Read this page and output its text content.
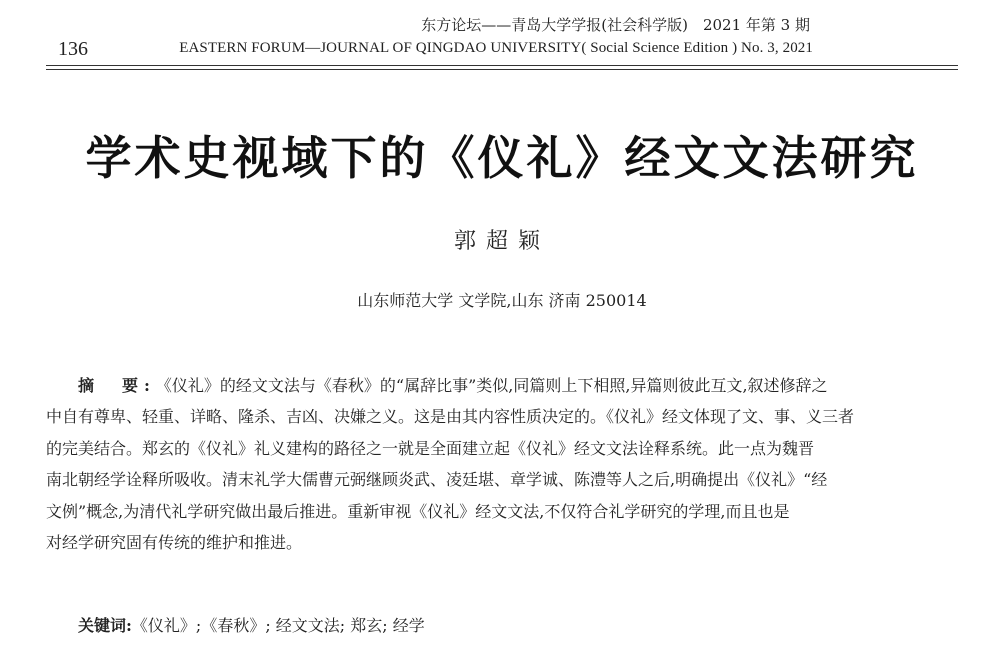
136
东方论坛——青岛大学学报(社会科学版)　2021 年第 3 期
EASTERN FORUM—JOURNAL OF QINGDAO UNIVERSITY( Social Science Edition ) No. 3, 2021
学术史视域下的《仪礼》经文文法研究
郭超颖
山东师范大学 文学院,山东 济南 250014
摘　要:《仪礼》的经文文法与《春秋》的“属辞比事”类似,同篇则上下相照,异篇则彼此互文,叙述修辞之
中自有尊卑、轻重、详略、隆杀、吉凶、决嫌之义。这是由其内容性质决定的。《仪礼》经文体现了文、事、义三者
的完美结合。郑玄的《仪礼》礼义建构的路径之一就是全面建立起《仪礼》经文文法诠释系统。此一点为魏晋
南北朝经学诠释所吸收。清末礼学大儒曹元弼继顾炎武、凌廷堪、章学诚、陈澧等人之后,明确提出《仪礼》“经
文例”概念,为清代礼学研究做出最后推进。重新审视《仪礼》经文文法,不仅符合礼学研究的学理,而且也是
对经学研究固有传统的维护和推进。
关键词:《仪礼》;《春秋》; 经文文法; 郑玄; 经学
